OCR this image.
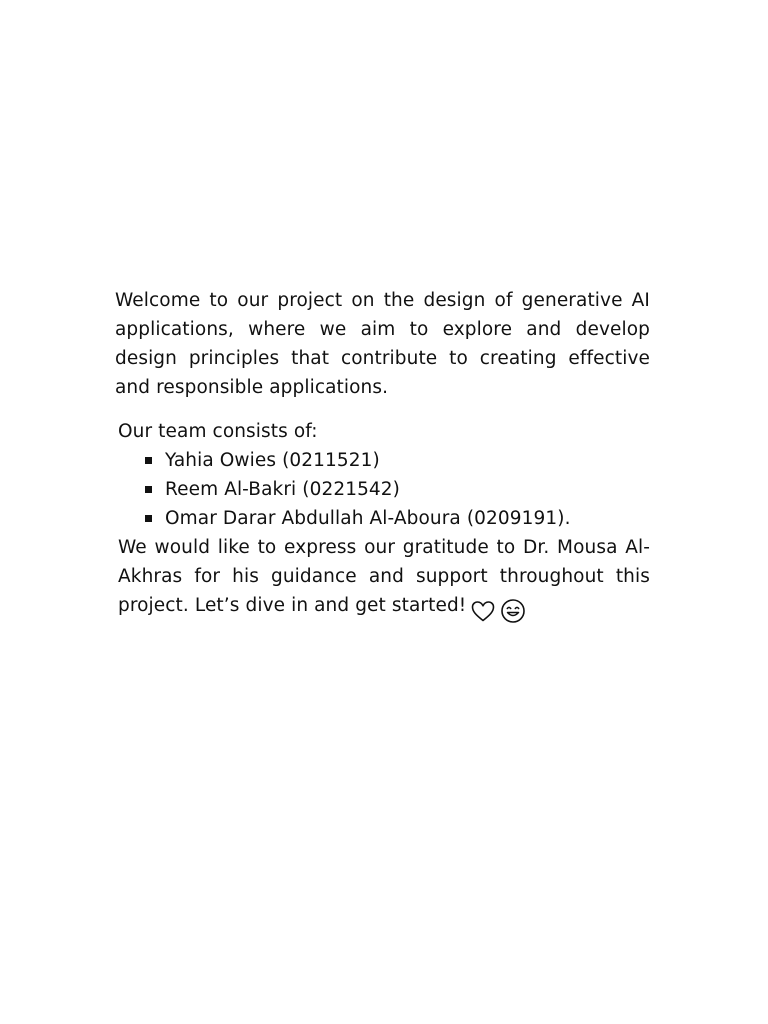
Welcome to our project on the design of generative AI applications, where we aim to explore and develop design principles that contribute to creating effective and responsible applications.

Our team consists of:

Yahia Owies (0211521)
Reem Al-Bakri (0221542)
Omar Darar Abdullah Al-Aboura (0209191).

We would like to express our gratitude to Dr. Mousa Al-Akhras for his guidance and support throughout this project. Let’s dive in and get started!
